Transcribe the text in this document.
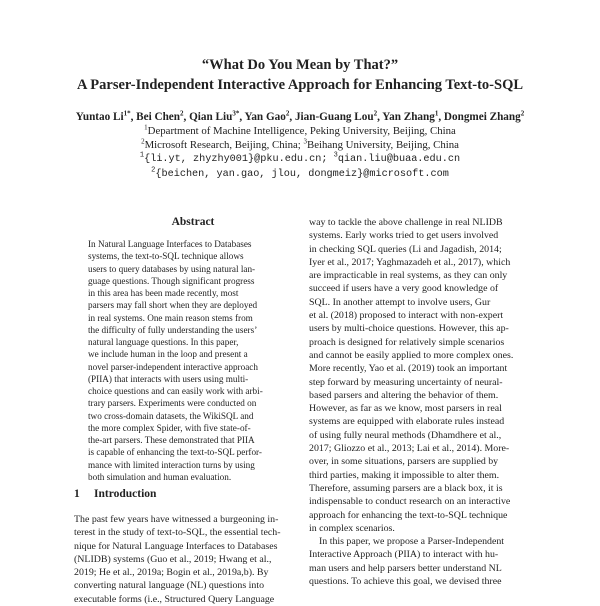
“What Do You Mean by That?”
A Parser-Independent Interactive Approach for Enhancing Text-to-SQL
Yuntao $Li^{1*}$, Bei Chen$^2$, Qian Liu$^{3*}$, Yan Gao$^2$, Jian-Guang Lou$^2$, Yan Zhang$^1$, Dongmei Zhang$^2$
$^1$Department of Machine Intelligence, Peking University, Beijing, China
$^2$Microsoft Research, Beijing, China; $^3$Beihang University, Beijing, China
$^1${li.yt, zhyzhy001}@pku.edu.cn; $^3$qian.liu@buaa.edu.cn
$^2${beichen, yan.gao, jlou, dongmeiz}@microsoft.com
Abstract
In Natural Language Interfaces to Databases
systems, the text-to-SQL technique allows
users to query databases by using natural lan-
guage questions. Though significant progress
in this area has been made recently, most
parsers may fall short when they are deployed
in real systems. One main reason stems from
the difficulty of fully understanding the users’
natural language questions. In this paper,
we include human in the loop and present a
novel parser-independent interactive approach
(PIIA) that interacts with users using multi-
choice questions and can easily work with arbi-
trary parsers. Experiments were conducted on
two cross-domain datasets, the WikiSQL and
the more complex Spider, with five state-of-
the-art parsers. These demonstrated that PIIA
is capable of enhancing the text-to-SQL perfor-
mance with limited interaction turns by using
both simulation and human evaluation.
1 Introduction
The past few years have witnessed a burgeoning in-
terest in the study of text-to-SQL, the essential tech-
nique for Natural Language Interfaces to Databases
(NLIDB) systems (Guo et al., 2019; Hwang et al.,
2019; He et al., 2019a; Bogin et al., 2019a,b). By
converting natural language (NL) questions into
executable forms (i.e., Structured Query Language
way to tackle the above challenge in real NLIDB
systems. Early works tried to get users involved
in checking SQL queries (Li and Jagadish, 2014;
Iyer et al., 2017; Yaghmazadeh et al., 2017), which
are impracticable in real systems, as they can only
succeed if users have a very good knowledge of
SQL. In another attempt to involve users, Gur
et al. (2018) proposed to interact with non-expert
users by multi-choice questions. However, this ap-
proach is designed for relatively simple scenarios
and cannot be easily applied to more complex ones.
More recently, Yao et al. (2019) took an important
step forward by measuring uncertainty of neural-
based parsers and altering the behavior of them.
However, as far as we know, most parsers in real
systems are equipped with elaborate rules instead
of using fully neural methods (Dhamdhere et al.,
2017; Gliozzo et al., 2013; Lai et al., 2014). More-
over, in some situations, parsers are supplied by
third parties, making it impossible to alter them.
Therefore, assuming parsers are a black box, it is
indispensable to conduct research on an interactive
approach for enhancing the text-to-SQL technique
in complex scenarios.
In this paper, we propose a Parser-Independent
Interactive Approach (PIIA) to interact with hu-
man users and help parsers better understand NL
questions. To achieve this goal, we devised three
